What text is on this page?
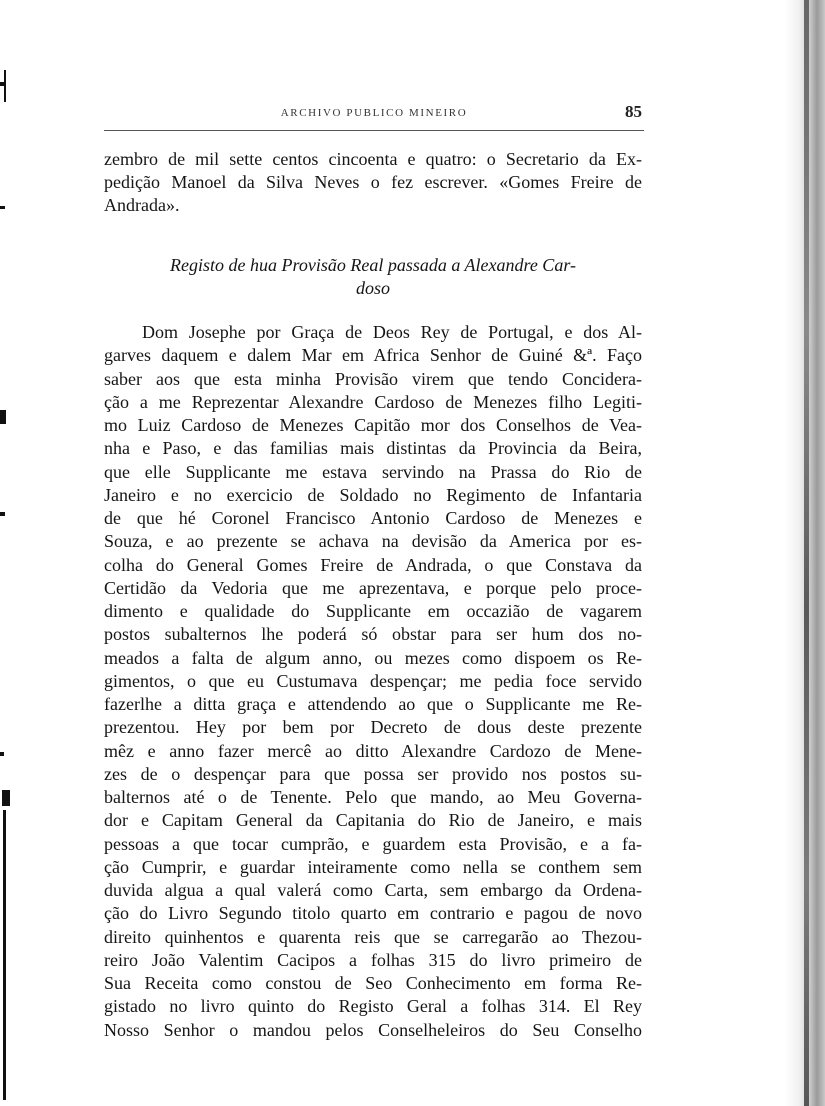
ARCHIVO PUBLICO MINEIRO	85
zembro de mil sette centos cincoenta e quatro: o Secretario da Ex-
pedição Manoel da Silva Neves o fez escrever. «Gomes Freire de
Andrada».
Registo de hua Provisão Real passada a Alexandre Car-
doso
Dom Josephe por Graça de Deos Rey de Portugal, e dos Al-
garves daquem e dalem Mar em Africa Senhor de Guiné &ª. Faço
saber aos que esta minha Provisão virem que tendo Concidera-
ção a me Reprezentar Alexandre Cardoso de Menezes filho Legiti-
mo Luiz Cardoso de Menezes Capitão mor dos Conselhos de Vea-
nha e Paso, e das familias mais distintas da Provincia da Beira,
que elle Supplicante me estava servindo na Prassa do Rio de
Janeiro e no exercicio de Soldado no Regimento de Infantaria
de que hé Coronel Francisco Antonio Cardoso de Menezes e
Souza, e ao prezente se achava na devisão da America por es-
colha do General Gomes Freire de Andrada, o que Constava da
Certidão da Vedoria que me aprezentava, e porque pelo proce-
dimento e qualidade do Supplicante em occazião de vagarem
postos subalternos lhe poderá só obstar para ser hum dos no-
meados a falta de algum anno, ou mezes como dispoem os Re-
gimentos, o que eu Custumava despençar; me pedia foce servido
fazerlhe a ditta graça e attendendo ao que o Supplicante me Re-
prezentou. Hey por bem por Decreto de dous deste prezente
mêz e anno fazer mercê ao ditto Alexandre Cardozo de Mene-
zes de o despençar para que possa ser provido nos postos su-
balternos até o de Tenente. Pelo que mando, ao Meu Governa-
dor e Capitam General da Capitania do Rio de Janeiro, e mais
pessoas a que tocar cumprão, e guardem esta Provisão, e a fa-
ção Cumprir, e guardar inteiramente como nella se conthem sem
duvida algua a qual valerá como Carta, sem embargo da Ordena-
ção do Livro Segundo titolo quarto em contrario e pagou de novo
direito quinhentos e quarenta reis que se carregarão ao Thezou-
reiro João Valentim Cacipos a folhas 315 do livro primeiro de
Sua Receita como constou de Seo Conhecimento em forma Re-
gistado no livro quinto do Registo Geral a folhas 314. El Rey
Nosso Senhor o mandou pelos Conselheleiros do Seu Conselho
